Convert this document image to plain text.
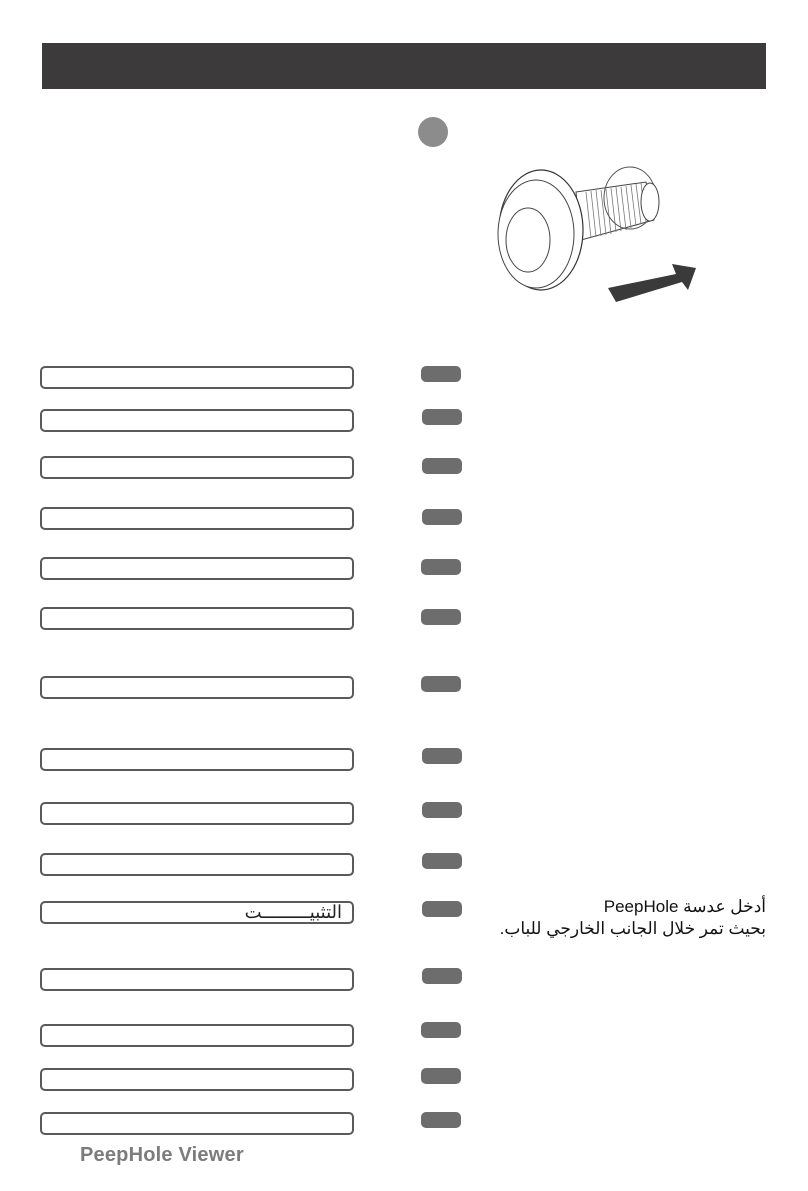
التثبيـــــــــت	أدخل عدسة PeepHole
بحيث تمر خلال الجانب الخارجي للباب.
PeepHole Viewer
